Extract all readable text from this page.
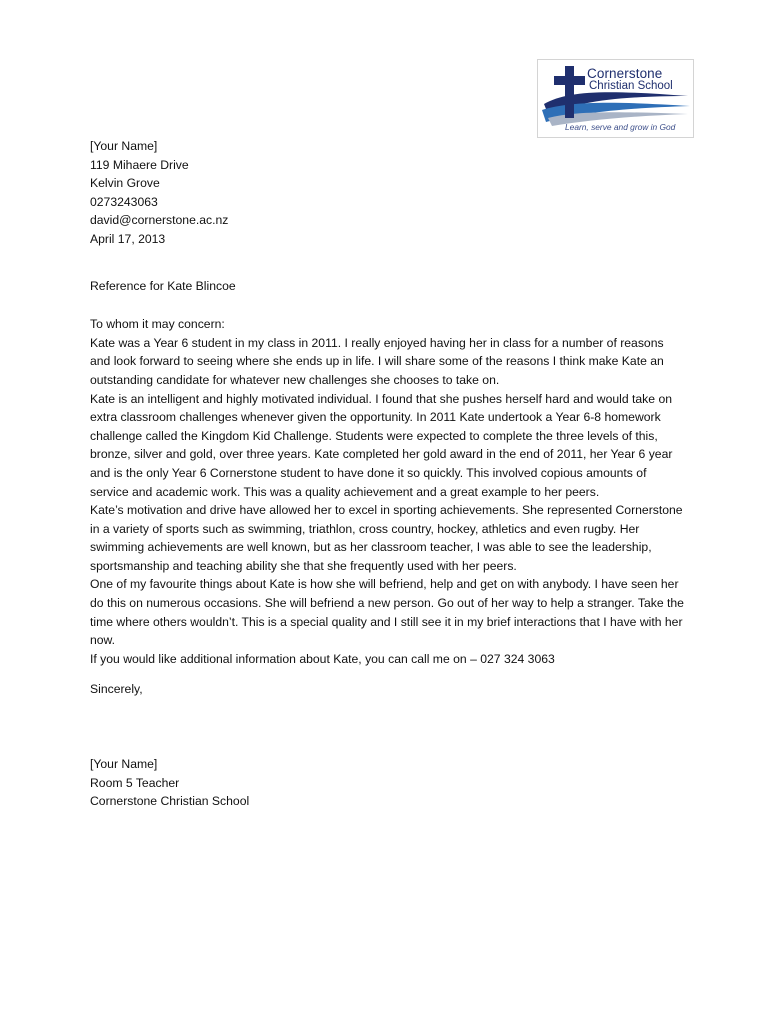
Cornerstone
Christian School
Learn, serve and grow in God

[Your Name]

119 Mihaere Drive

Kelvin Grove

0273243063

david@cornerstone.ac.nz

April 17, 2013

Reference for Kate Blincoe

To whom it may concern:

Kate was a Year 6 student in my class in 2011. I really enjoyed having her in class for a number of reasons and look forward to seeing where she ends up in life. I will share some of the reasons I think make Kate an outstanding candidate for whatever new challenges she chooses to take on.

Kate is an intelligent and highly motivated individual. I found that she pushes herself hard and would take on extra classroom challenges whenever given the opportunity. In 2011 Kate undertook a Year 6-8 homework challenge called the Kingdom Kid Challenge. Students were expected to complete the three levels of this, bronze, silver and gold, over three years. Kate completed her gold award in the end of 2011, her Year 6 year and is the only Year 6 Cornerstone student to have done it so quickly. This involved copious amounts of service and academic work. This was a quality achievement and a great example to her peers.

Kate’s motivation and drive have allowed her to excel in sporting achievements. She represented Cornerstone in a variety of sports such as swimming, triathlon, cross country, hockey, athletics and even rugby. Her swimming achievements are well known, but as her classroom teacher, I was able to see the leadership, sportsmanship and teaching ability she that she frequently used with her peers.

One of my favourite things about Kate is how she will befriend, help and get on with anybody. I have seen her do this on numerous occasions. She will befriend a new person. Go out of her way to help a stranger. Take the time where others wouldn’t. This is a special quality and I still see it in my brief interactions that I have with her now.

If you would like additional information about Kate, you can call me on – 027 324 3063

Sincerely,

[Your Name]

Room 5 Teacher

Cornerstone Christian School
